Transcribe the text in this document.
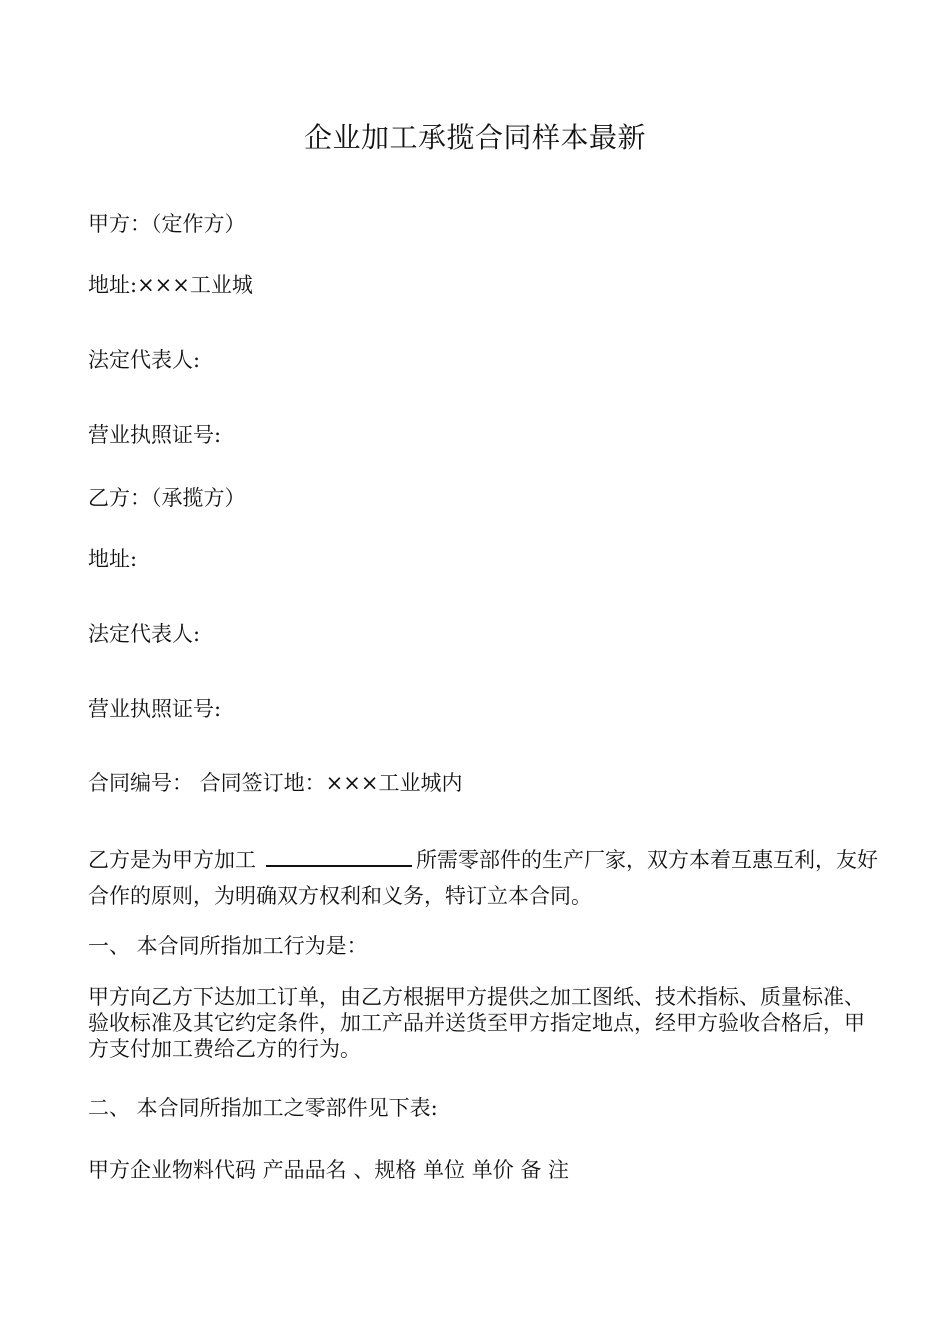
企业加工承揽合同样本最新
甲方：（定作方）
地址:×××工业城
法定代表人:
营业执照证号:
乙方：（承揽方）
地址:
法定代表人:
营业执照证号:
合同编号： 合同签订地：×××工业城内
乙方是为甲方加工	所需零部件的生产厂家，双方本着互惠互利，友好合作的原则，为明确双方权利和义务，特订立本合同。
一、 本合同所指加工行为是：
甲方向乙方下达加工订单，由乙方根据甲方提供之加工图纸、技术指标、质量标准、验收标准及其它约定条件，加工产品并送货至甲方指定地点，经甲方验收合格后，甲方支付加工费给乙方的行为。
二、 本合同所指加工之零部件见下表:
甲方企业物料代码 产品品名 、规格 单位 单价 备 注
